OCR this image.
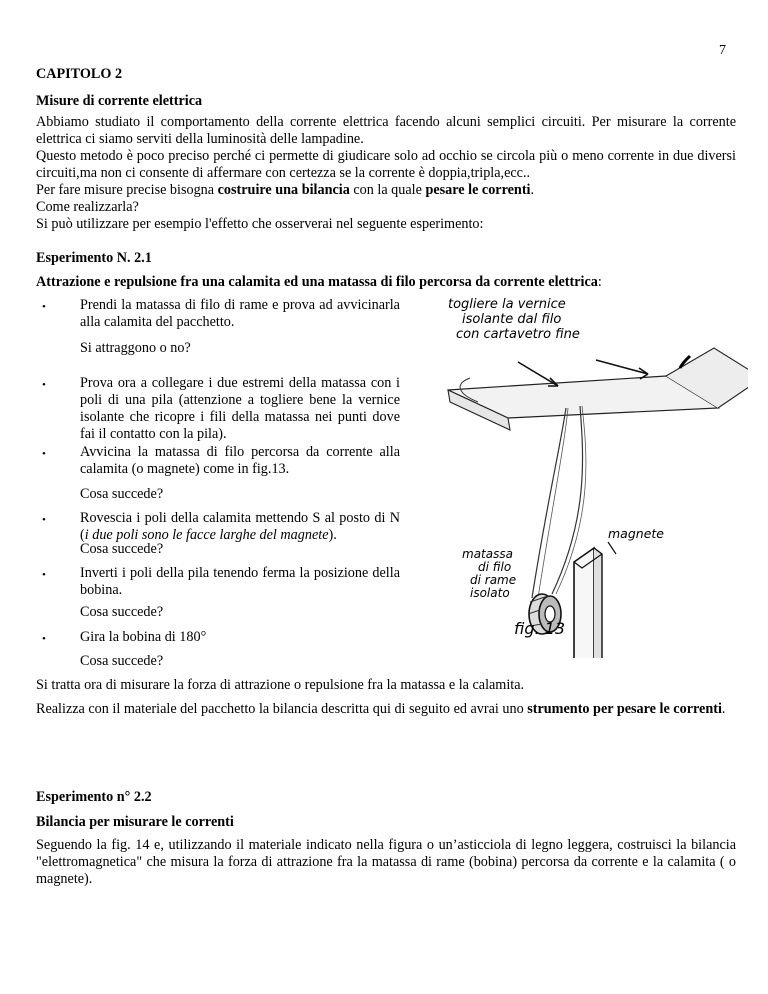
7
CAPITOLO 2
Misure di corrente elettrica
Abbiamo studiato il comportamento della corrente elettrica facendo alcuni semplici circuiti. Per misurare la corrente elettrica ci siamo serviti della luminosità delle lampadine.
Questo metodo è poco preciso perché ci permette di giudicare solo ad occhio se circola più o meno corrente in due diversi circuiti,ma non ci consente di affermare con certezza se la corrente è doppia,tripla,ecc..
Per fare misure precise bisogna costruire una bilancia con la quale pesare le correnti.
Come realizzarla?
Si può utilizzare per esempio l'effetto che osserverai nel seguente esperimento:
Esperimento N. 2.1
Attrazione e repulsione fra una calamita ed una matassa di filo percorsa da corrente elettrica:
• Prendi la matassa di filo di rame e prova ad avvicinarla alla calamita del pacchetto.
Si attraggono o no?
• Prova ora a collegare i due estremi della matassa con i poli di una pila (attenzione a togliere bene la vernice isolante che ricopre i fili della matassa nei punti dove fai il contatto con la pila).
• Avvicina la matassa di filo percorsa da corrente alla calamita (o magnete) come in fig.13.
Cosa succede?
• Rovescia i poli della calamita mettendo S al posto di N (i due poli sono le facce larghe del magnete).
Cosa succede?
• Inverti i poli della pila tenendo ferma la posizione della bobina.
Cosa succede?
• Gira la bobina di 180°
Cosa succede?
togliere la vernice
isolante dal filo
con cartavetro fine
magnete
matassa
di filo
di rame
isolato
fig. 13
Si tratta ora di misurare la forza di attrazione o repulsione fra la matassa e la calamita.
Realizza con il materiale del pacchetto la bilancia descritta qui di seguito ed avrai uno strumento per pesare le correnti.
Esperimento n° 2.2
Bilancia per misurare le correnti
Seguendo la fig. 14 e, utilizzando il materiale indicato nella figura o un’asticciola di legno leggera, costruisci la bilancia "elettromagnetica" che misura la forza di attrazione fra la matassa di rame (bobina) percorsa da corrente e la calamita ( o magnete).
